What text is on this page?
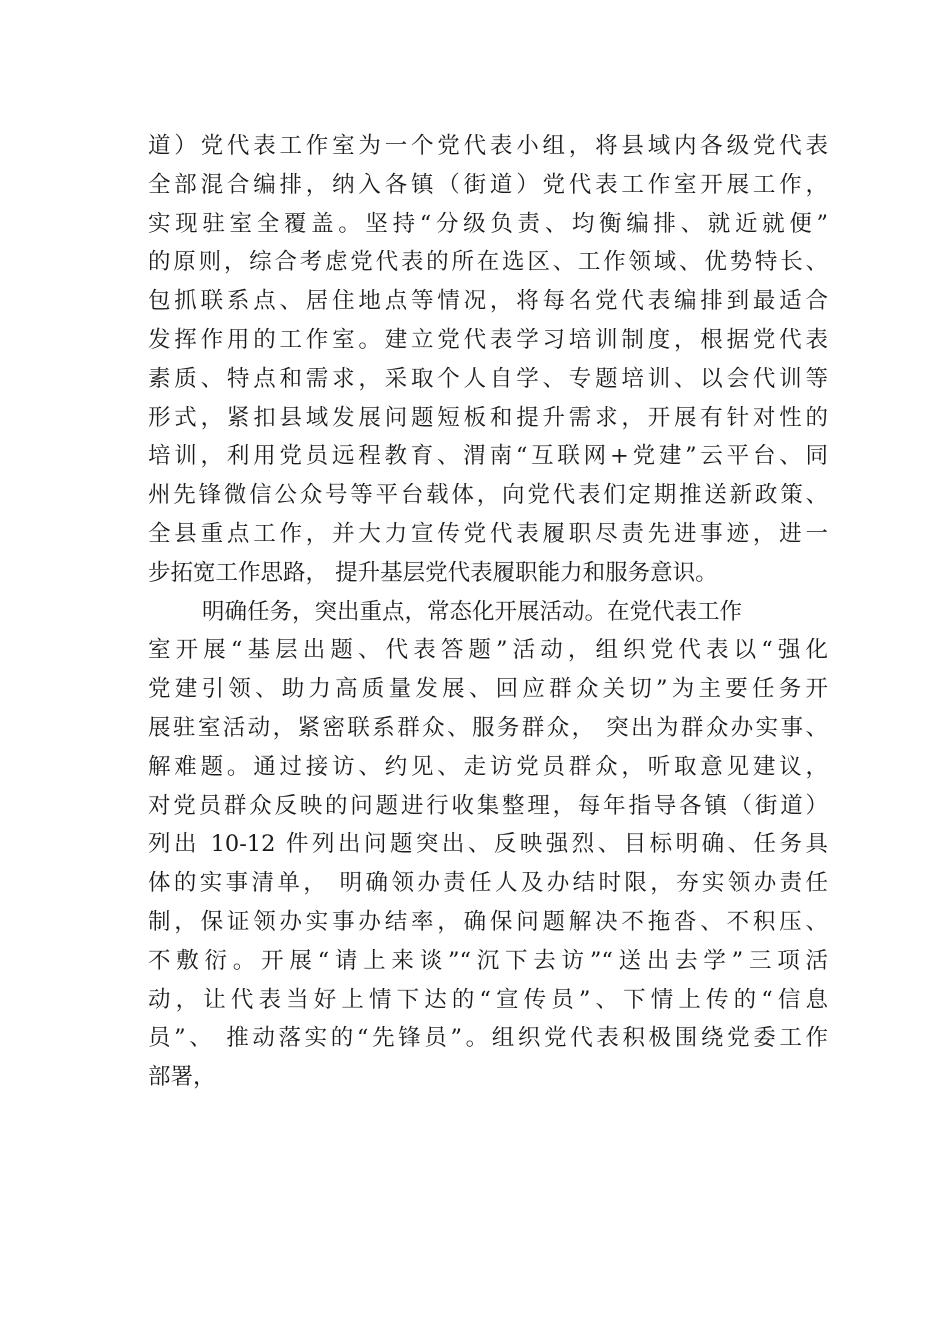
道）党代表工作室为一个党代表小组，将县域内各级党代表
全部混合编排，纳入各镇（街道）党代表工作室开展工作，
实现驻室全覆盖。坚持“分级负责、均衡编排、就近就便”
的原则，综合考虑党代表的所在选区、工作领域、优势特长、
包抓联系点、居住地点等情况，将每名党代表编排到最适合
发挥作用的工作室。建立党代表学习培训制度，根据党代表
素质、特点和需求，采取个人自学、专题培训、以会代训等
形式，紧扣县域发展问题短板和提升需求，开展有针对性的
培训，利用党员远程教育、渭南“互联网+党建”云平台、同
州先锋微信公众号等平台载体，向党代表们定期推送新政策、
全县重点工作，并大力宣传党代表履职尽责先进事迹，进一
步拓宽工作思路， 提升基层党代表履职能力和服务意识。
明确任务，突出重点，常态化开展活动。在党代表工作
室开展“基层出题、代表答题”活动，组织党代表以“强化
党建引领、助力高质量发展、回应群众关切”为主要任务开
展驻室活动，紧密联系群众、服务群众， 突出为群众办实事、
解难题。通过接访、约见、走访党员群众，听取意见建议，
对党员群众反映的问题进行收集整理，每年指导各镇（街道）
列出 10-12 件列出问题突出、反映强烈、目标明确、任务具
体的实事清单， 明确领办责任人及办结时限，夯实领办责任
制，保证领办实事办结率，确保问题解决不拖沓、不积压、
不敷衍。开展“请上来谈”“沉下去访”“送出去学”三项活
动，让代表当好上情下达的“宣传员”、下情上传的“信息
员”、 推动落实的“先锋员”。组织党代表积极围绕党委工作
部署，
